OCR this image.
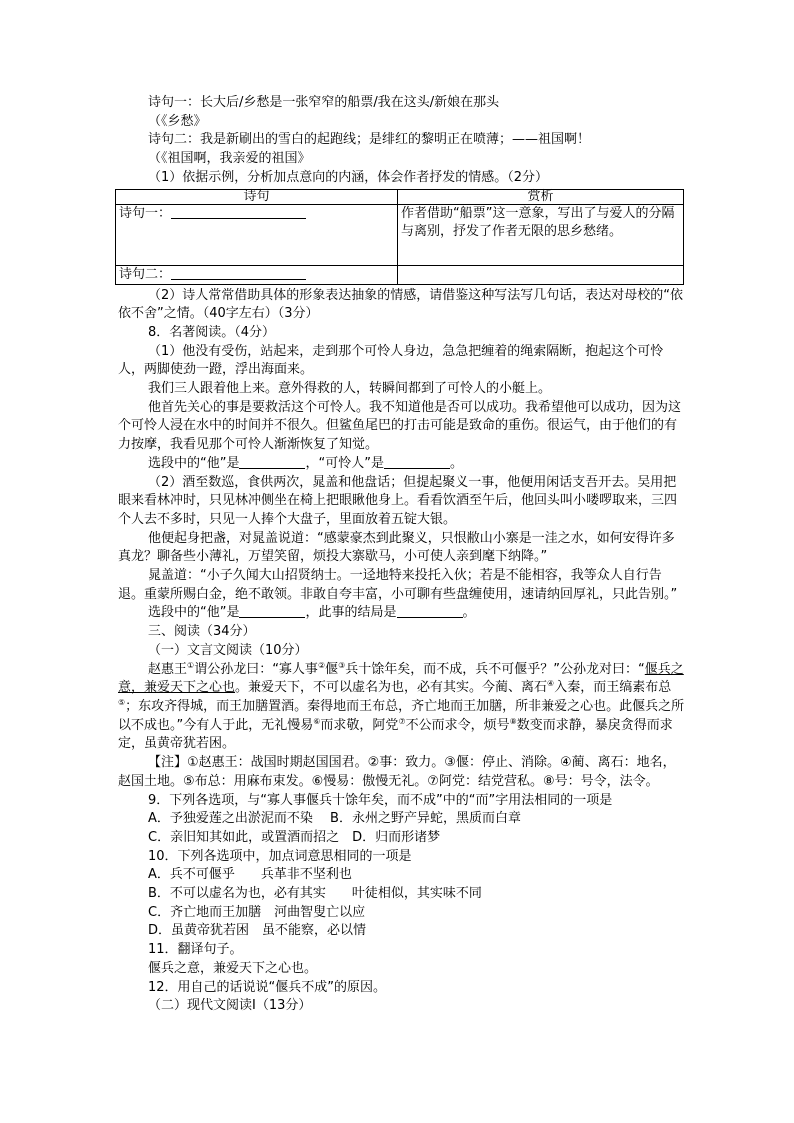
诗句一：长大后/乡愁是一张窄窄的船票/我在这头/新娘在那头

（《乡愁》

诗句二：我是新刷出的雪白的起跑线；是绯红的黎明正在喷薄；——祖国啊！

（《祖国啊，我亲爱的祖国》

（1）依据示例，分析加点意向的内涵，体会作者抒发的情感。（2分）

诗句	赏析
诗句一：	作者借助“船票”这一意象，写出了与爱人的分隔与离别，抒发了作者无限的思乡愁绪。
诗句二：	

（2）诗人常常借助具体的形象表达抽象的情感，请借鉴这种写法写几句话，表达对母校的“依依不舍”之情。（40字左右）（3分）

8．名著阅读。（4分）

（1）他没有受伤，站起来，走到那个可怜人身边，急急把缠着的绳索隔断，抱起这个可怜人，两脚使劲一蹬，浮出海面来。

我们三人跟着他上来。意外得救的人，转瞬间都到了可怜人的小艇上。

他首先关心的事是要救活这个可怜人。我不知道他是否可以成功。我希望他可以成功，因为这个可怜人浸在水中的时间并不很久。但鲨鱼尾巴的打击可能是致命的重伤。很运气，由于他们的有力按摩，我看见那个可怜人渐渐恢复了知觉。

选段中的“他”是	，“可怜人”是	。

（2）酒至数巡，食供两次，晁盖和他盘话；但提起聚义一事，他便用闲话支吾开去。吴用把眼来看林冲时，只见林冲侧坐在椅上把眼瞅他身上。看看饮酒至午后，他回头叫小喽啰取来，三四个人去不多时，只见一人捧个大盘子，里面放着五锭大银。

他便起身把盏，对晁盖说道：“感蒙豪杰到此聚义，只恨敝山小寨是一洼之水，如何安得许多真龙？聊备些小薄礼，万望笑留，烦投大寨歇马，小可使人亲到麾下纳降。”

晁盖道：“小子久闻大山招贤纳士。一迳地特来投托入伙；若是不能相容，我等众人自行告退。重蒙所赐白金，绝不敢领。非敢自夸丰富，小可聊有些盘缠使用，速请纳回厚礼，只此告别。”

选段中的“他”是	，此事的结局是	。

三、阅读（34分）

（一）文言文阅读（10分）

赵惠王①谓公孙龙曰：“寡人事②偃③兵十馀年矣，而不成，兵不可偃乎？”公孙龙对曰：“偃兵之意，兼爱天下之心也。兼爱天下，不可以虚名为也，必有其实。今蔺、离石④入秦，而王缟素布总⑤；东攻齐得城，而王加膳置酒。秦得地而王布总，齐亡地而王加膳，所非兼爱之心也。此偃兵之所以不成也。”今有人于此，无礼慢易⑥而求敬，阿党⑦不公而求令，烦号⑧数变而求静，暴戾贪得而求定，虽黄帝犹若困。

【注】①赵惠王：战国时期赵国国君。②事：致力。③偃：停止、消除。④蔺、离石：地名，赵国土地。⑤布总：用麻布束发。⑥慢易：傲慢无礼。⑦阿党：结党营私。⑧号：号令，法令。

9．下列各选项，与“寡人事偃兵十馀年矣，而不成”中的“而”字用法相同的一项是

A．予独爱莲之出淤泥而不染　 B．永州之野产异蛇，黑质而白章

C．亲旧知其如此，或置酒而招之　D．归而形诸梦

10．下列各选项中，加点词意思相同的一项是

A．兵不可偃乎　　兵革非不坚利也

B．不可以虚名为也，必有其实　　叶徒相似，其实味不同

C．齐亡地而王加膳　河曲智叟亡以应

D．虽黄帝犹若困　虽不能察，必以情

11．翻译句子。

偃兵之意，兼爱天下之心也。

12．用自己的话说说“偃兵不成”的原因。

（二）现代文阅读Ⅰ（13分）
